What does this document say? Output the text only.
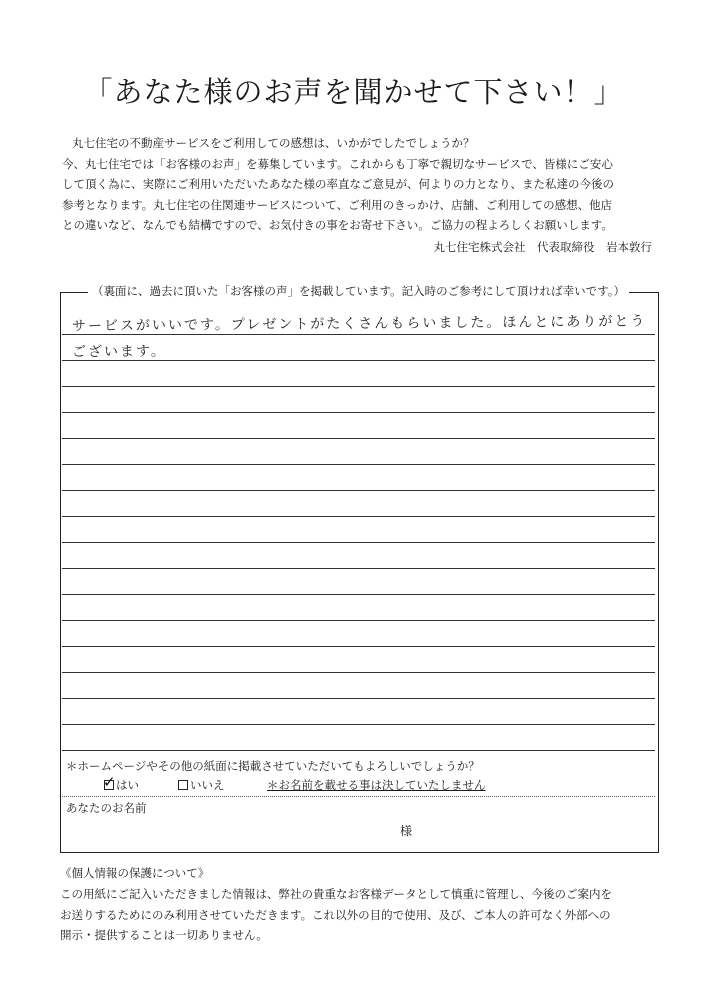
「あなた様のお声を聞かせて下さい！」

丸七住宅の不動産サービスをご利用しての感想は、いかがでしたでしょうか？

今、丸七住宅では「お客様のお声」を募集しています。これからも丁寧で親切なサービスで、皆様にご安心

して頂く為に、実際にご利用いただいたあなた様の率直なご意見が、何よりの力となり、また私達の今後の

参考となります。丸七住宅の住関連サービスについて、ご利用のきっかけ、店舗、ご利用しての感想、他店

との違いなど、なんでも結構ですので、お気付きの事をお寄せ下さい。ご協力の程よろしくお願いします。

丸七住宅株式会社　代表取締役　岩本敦行
（裏面に、過去に頂いた「お客様の声」を掲載しています。記入時のご参考にして頂ければ幸いです。）
サービスがいいです。プレゼントがたくさんもらいました。ほんとにありがとう
ございます。
＊ホームページやその他の紙面に掲載させていただいてもよろしいでしょうか？
✓ はい	いいえ	＊お名前を載せる事は決していたしません
あなたのお名前
様
《個人情報の保護について》

この用紙にご記入いただきました情報は、弊社の貴重なお客様データとして慎重に管理し、今後のご案内を

お送りするためにのみ利用させていただきます。これ以外の目的で使用、及び、ご本人の許可なく外部への

開示・提供することは一切ありません。
